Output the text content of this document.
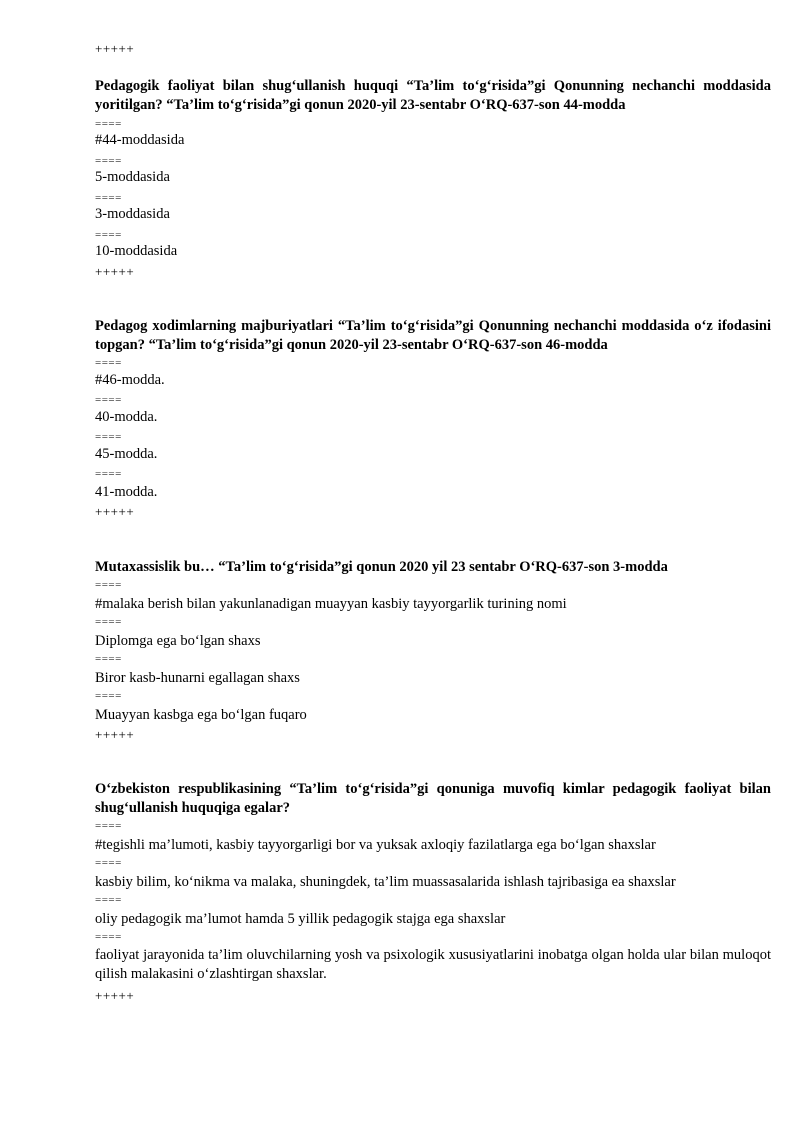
+++++
Pedagogik faoliyat bilan shug‘ullanish huquqi “Ta’lim to‘g‘risida”gi Qonunning nechanchi moddasida yoritilgan? “Ta’lim to‘g‘risida”gi qonun 2020-yil 23-sentabr O‘RQ-637-son 44-modda
====
#44-moddasida
====
5-moddasida
====
3-moddasida
====
10-moddasida
+++++
Pedagog xodimlarning majburiyatlari “Ta’lim to‘g‘risida”gi Qonunning nechanchi moddasida o‘z ifodasini topgan? “Ta’lim to‘g‘risida”gi qonun 2020-yil 23-sentabr O‘RQ-637-son 46-modda
====
#46-modda.
====
40-modda.
====
45-modda.
====
41-modda.
+++++
Mutaxassislik bu… “Ta’lim to‘g‘risida”gi qonun 2020 yil 23 sentabr O‘RQ-637-son 3-modda
====
#malaka berish bilan yakunlanadigan muayyan kasbiy tayyorgarlik turining nomi
====
Diplomga ega bo‘lgan shaxs
====
Biror kasb-hunarni egallagan shaxs
====
Muayyan kasbga ega bo‘lgan fuqaro
+++++
O‘zbekiston respublikasining “Ta’lim to‘g‘risida”gi qonuniga muvofiq kimlar pedagogik faoliyat bilan shug‘ullanish huquqiga egalar?
====
#tegishli ma’lumoti, kasbiy tayyorgarligi bor va yuksak axloqiy fazilatlarga ega bo‘lgan shaxslar
====
kasbiy bilim, ko‘nikma va malaka, shuningdek, ta’lim muassasalarida ishlash tajribasiga ea shaxslar
====
oliy pedagogik ma’lumot hamda 5 yillik pedagogik stajga ega shaxslar
====
faoliyat jarayonida ta’lim oluvchilarning yosh va psixologik xususiyatlarini inobatga olgan holda ular bilan muloqot qilish malakasini o‘zlashtirgan shaxslar.
+++++
